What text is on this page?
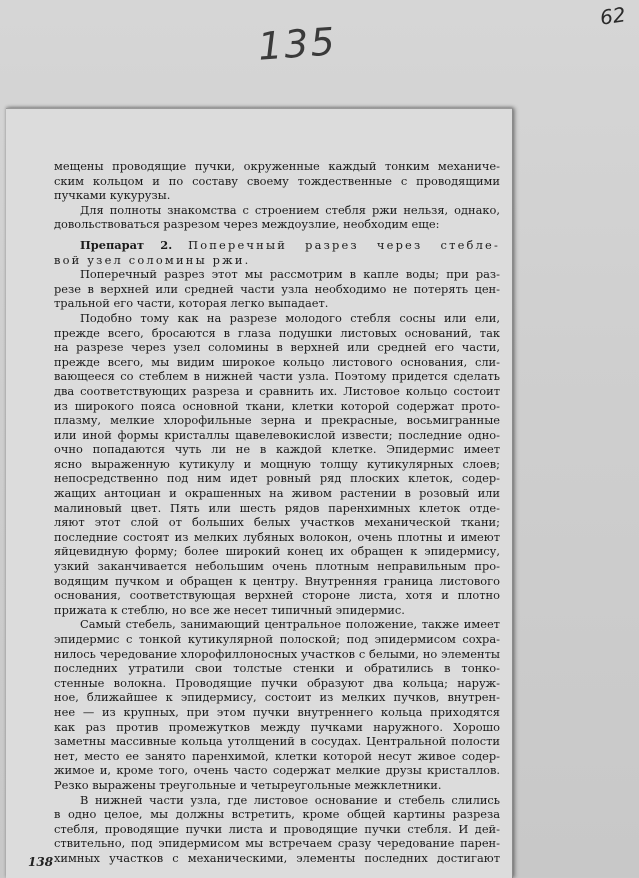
135
62

мещены проводящие пучки, окруженные каждый тонким механиче-
ским кольцом и по составу своему тождественные с проводящими
пучками кукурузы.

Для полноты знакомства с строением стебля ржи нельзя, однако,
довольствоваться разрезом через междоузлие, необходим еще:

Препарат 2. Поперечный разрез через стебле-
вой узел соломины ржи.

Поперечный разрез этот мы рассмотрим в капле воды; при раз-
резе в верхней или средней части узла необходимо не потерять цен-
тральной его части, которая легко выпадает.

Подобно тому как на разрезе молодого стебля сосны или ели,
прежде всего, бросаются в глаза подушки листовых оснований, так
на разрезе через узел соломины в верхней или средней его части,
прежде всего, мы видим широкое кольцо листового основания, сли-
вающееся со стеблем в нижней части узла. Поэтому придется сделать
два соответствующих разреза и сравнить их. Листовое кольцо состоит
из широкого пояса основной ткани, клетки которой содержат прото-
плазму, мелкие хлорофильные зерна и прекрасные, восьмигранные
или иной формы кристаллы щавелевокислой извести; последние одно-
очно попадаются чуть ли не в каждой клетке. Эпидермис имеет
ясно выраженную кутикулу и мощную толщу кутикулярных слоев;
непосредственно под ним идет ровный ряд плоских клеток, содер-
жащих антоциан и окрашенных на живом растении в розовый или
малиновый цвет. Пять или шесть рядов паренхимных клеток отде-
ляют этот слой от больших белых участков механической ткани;
последние состоят из мелких лубяных волокон, очень плотны и имеют
яйцевидную форму; более широкий конец их обращен к эпидермису,
узкий заканчивается небольшим очень плотным неправильным про-
водящим пучком и обращен к центру. Внутренняя граница листового
основания, соответствующая верхней стороне листа, хотя и плотно
прижата к стеблю, но все же несет типичный эпидермис.

Самый стебель, занимающий центральное положение, также имеет
эпидермис с тонкой кутикулярной полоской; под эпидермисом сохра-
нилось чередование хлорофиллоносных участков с белыми, но элементы
последних утратили свои толстые стенки и обратились в тонко-
стенные волокна. Проводящие пучки образуют два кольца; наруж-
ное, ближайшее к эпидермису, состоит из мелких пучков, внутрен-
нее — из крупных, при этом пучки внутреннего кольца приходятся
как раз против промежутков между пучками наружного. Хорошо
заметны массивные кольца утолщений в сосудах. Центральной полости
нет, место ее занято паренхимой, клетки которой несут живое содер-
жимое и, кроме того, очень часто содержат мелкие друзы кристаллов.
Резко выражены треугольные и четыреугольные межклетники.

В нижней части узла, где листовое основание и стебель слились
в одно целое, мы должны встретить, кроме общей картины разреза
стебля, проводящие пучки листа и проводящие пучки стебля. И дей-
ствительно, под эпидермисом мы встречаем сразу чередование парен-
химных участков с механическими, элементы последних достигают

138
